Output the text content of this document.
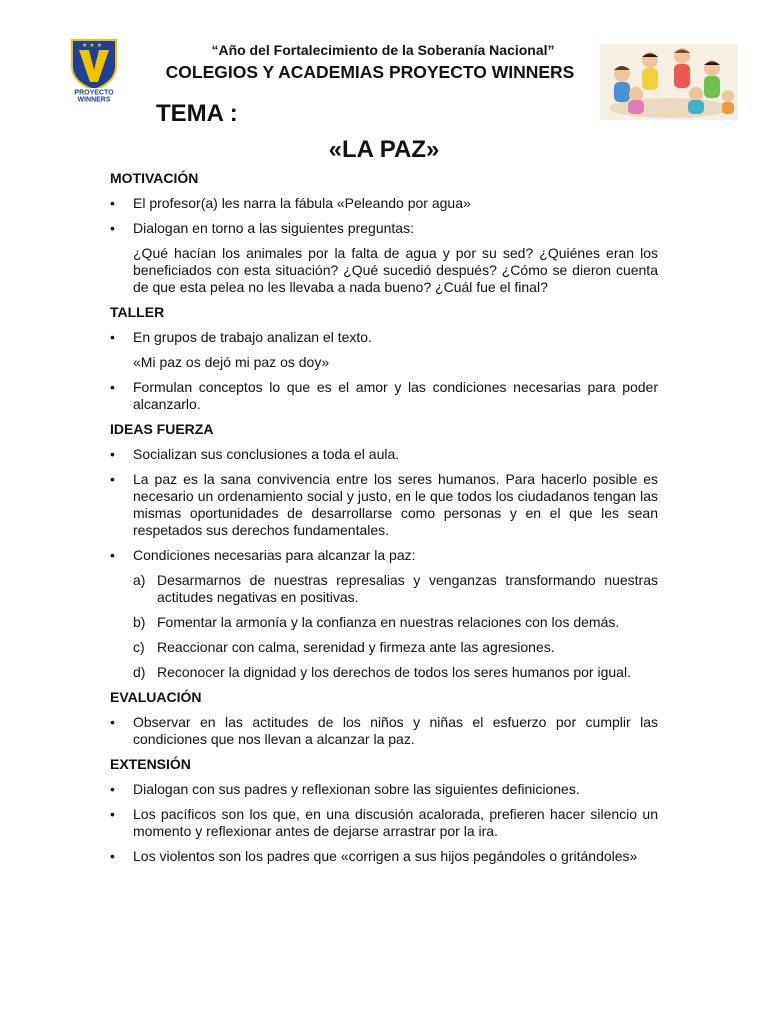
★ ★ ★
PROYECTO
WINNERS
“Año del Fortalecimiento de la Soberanía Nacional”
COLEGIOS Y ACADEMIAS PROYECTO WINNERS
TEMA :
«LA PAZ»

MOTIVACIÓN

• El profesor(a) les narra la fábula «Peleando por agua»

• Dialogan en torno a las siguientes preguntas:

¿Qué hacían los animales por la falta de agua y por su sed? ¿Quiénes eran los beneficiados con esta situación? ¿Qué sucedió después? ¿Cómo se dieron cuenta de que esta pelea no les llevaba a nada bueno? ¿Cuál fue el final?

TALLER

• En grupos de trabajo analizan el texto.

«Mi paz os dejó mi paz os doy»

• Formulan conceptos lo que es el amor y las condiciones necesarias para poder alcanzarlo.

IDEAS FUERZA

• Socializan sus conclusiones a toda el aula.

• La paz es la sana convivencia entre los seres humanos. Para hacerlo posible es necesario un ordenamiento social y justo, en le que todos los ciudadanos tengan las mismas oportunidades de desarrollarse como personas y en el que les sean respetados sus derechos fundamentales.

• Condiciones necesarias para alcanzar la paz:

a) Desarmarnos de nuestras represalias y venganzas transformando nuestras actitudes negativas en positivas.

b) Fomentar la armonía y la confianza en nuestras relaciones con los demás.

c) Reaccionar con calma, serenidad y firmeza ante las agresiones.

d) Reconocer la dignidad y los derechos de todos los seres humanos por igual.

EVALUACIÓN

• Observar en las actitudes de los niños y niñas el esfuerzo por cumplir las condiciones que nos llevan a alcanzar la paz.

EXTENSIÓN

• Dialogan con sus padres y reflexionan sobre las siguientes definiciones.

• Los pacíficos son los que, en una discusión acalorada, prefieren hacer silencio un momento y reflexionar antes de dejarse arrastrar por la ira.

• Los violentos son los padres que «corrigen a sus hijos pegándoles o gritándoles»
